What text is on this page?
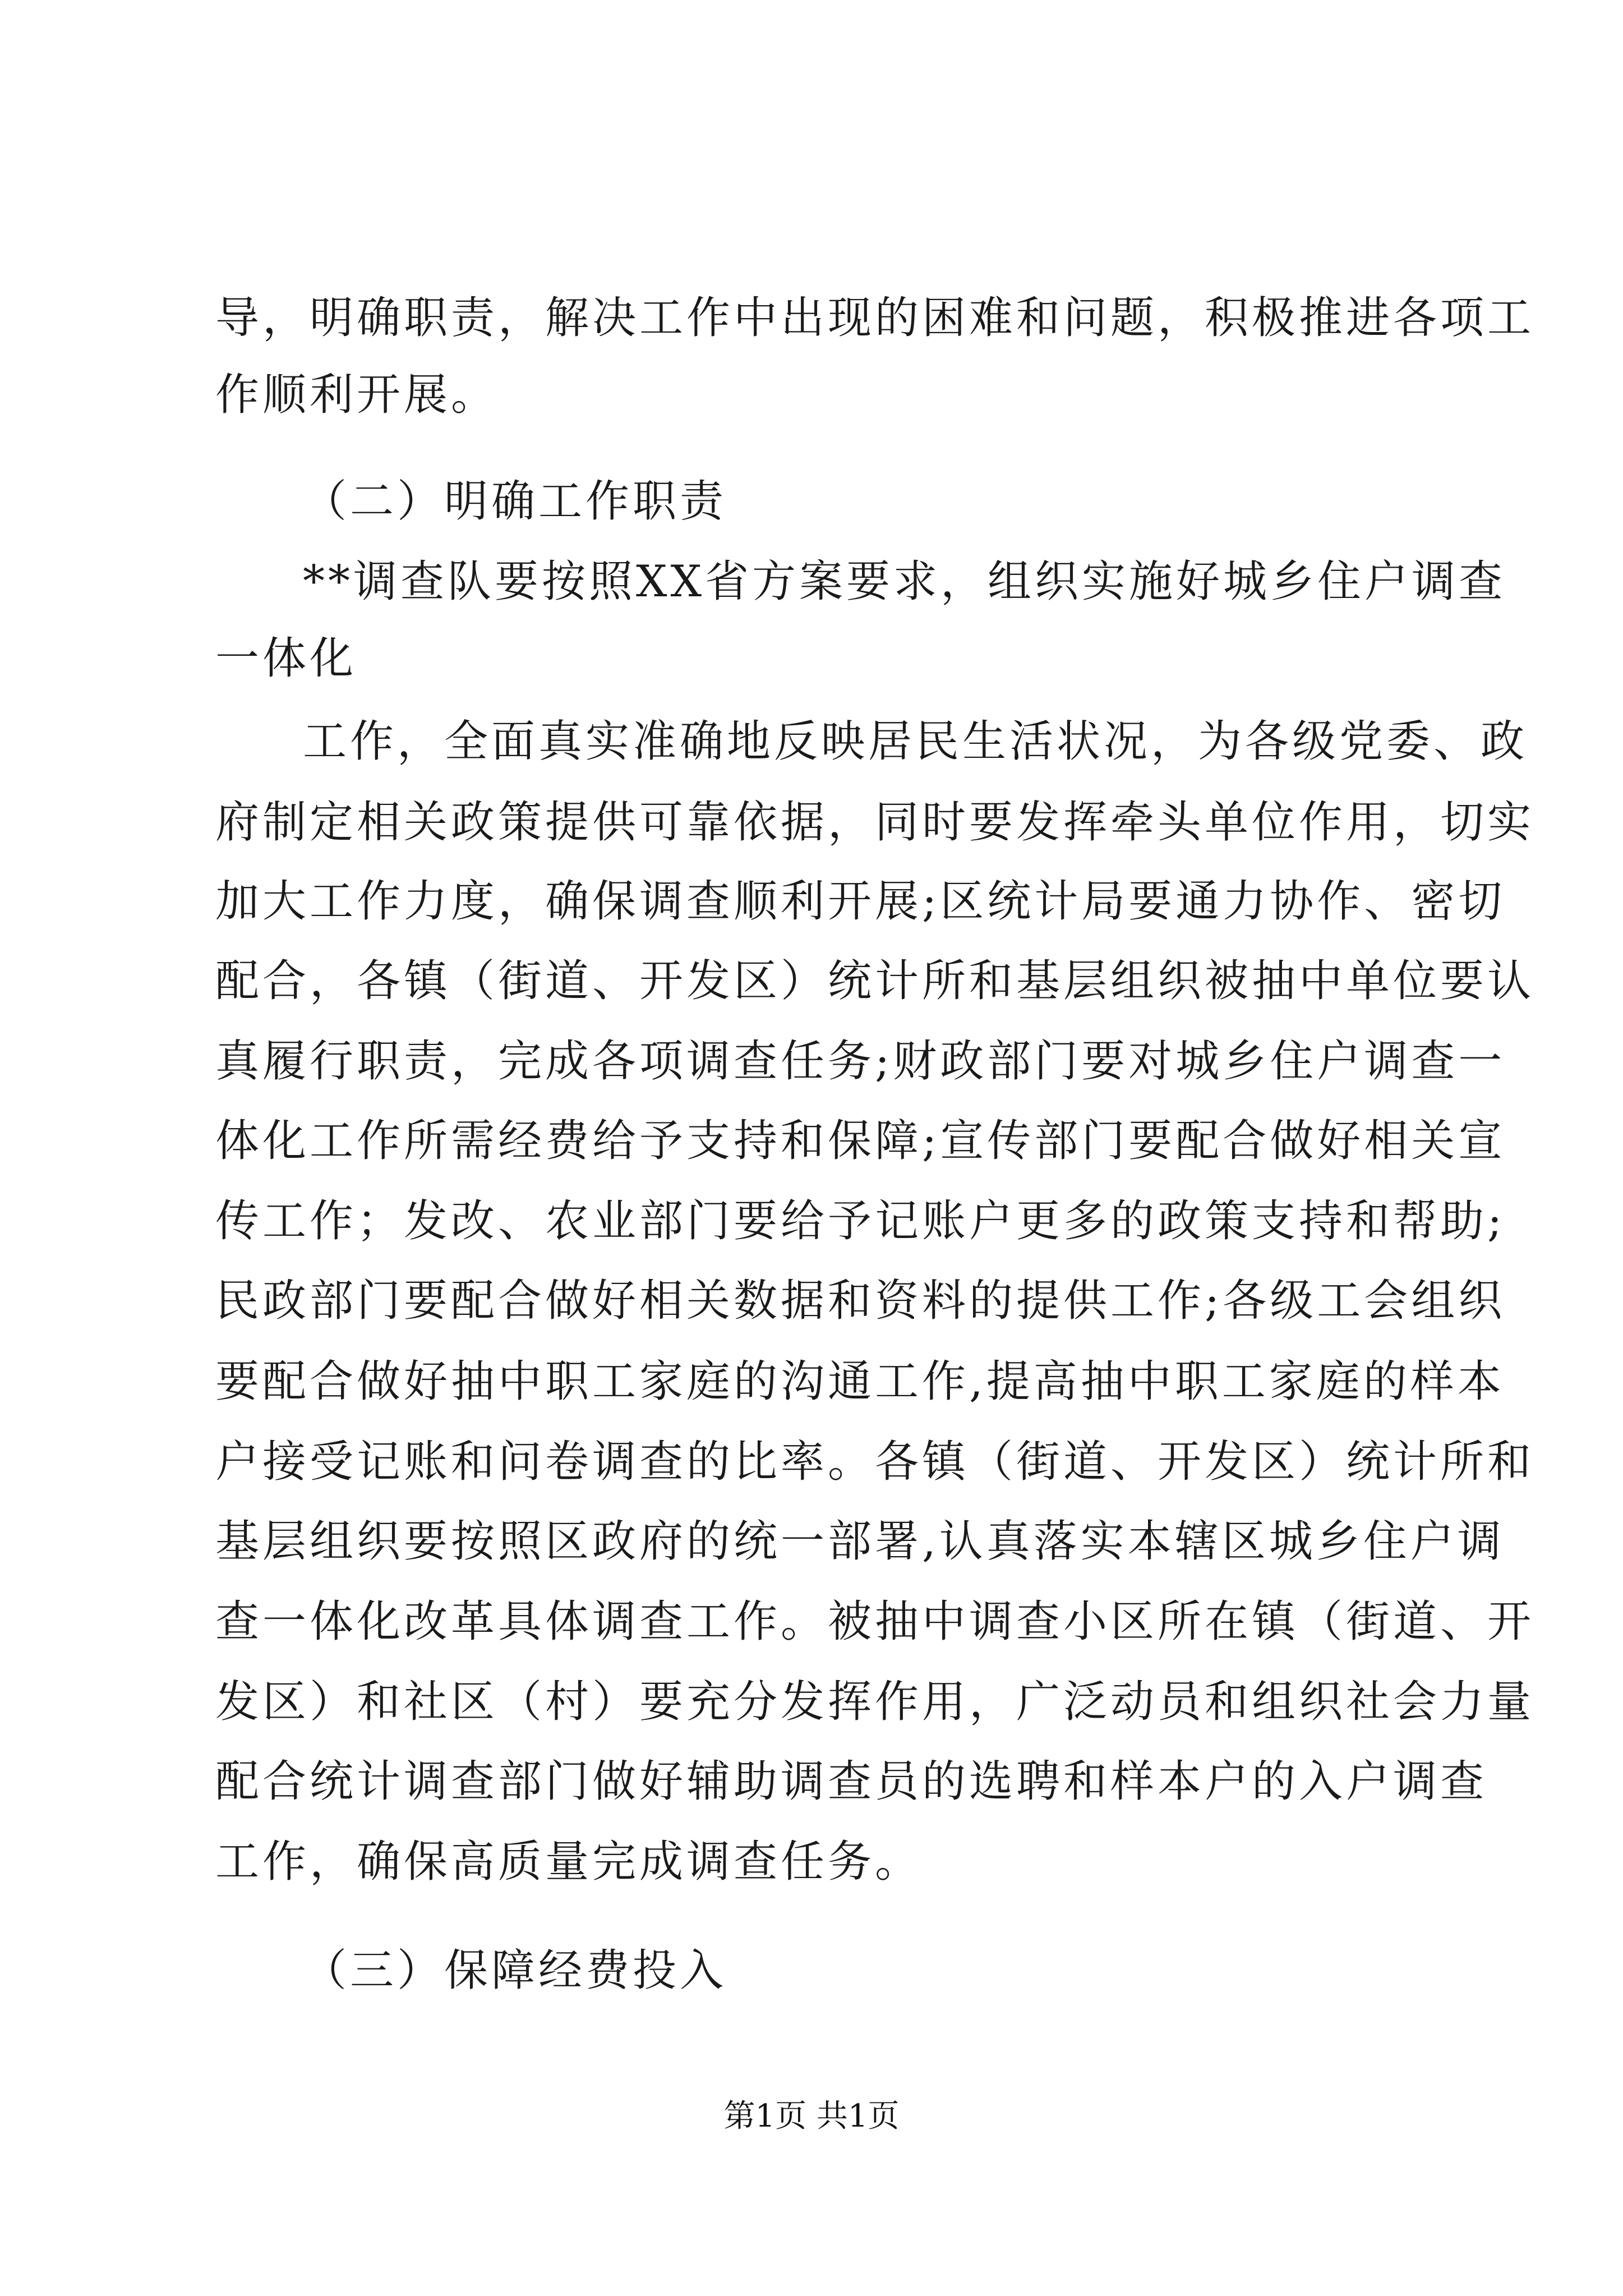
导，明确职责，解决工作中出现的困难和问题，积极推进各项工
作顺利开展。
（二）明确工作职责
**调查队要按照XX省方案要求，组织实施好城乡住户调查
一体化
工作，全面真实准确地反映居民生活状况，为各级党委、政
府制定相关政策提供可靠依据，同时要发挥牵头单位作用，切实
加大工作力度，确保调查顺利开展;区统计局要通力协作、密切
配合，各镇（街道、开发区）统计所和基层组织被抽中单位要认
真履行职责，完成各项调查任务;财政部门要对城乡住户调查一
体化工作所需经费给予支持和保障;宣传部门要配合做好相关宣
传工作；发改、农业部门要给予记账户更多的政策支持和帮助;
民政部门要配合做好相关数据和资料的提供工作;各级工会组织
要配合做好抽中职工家庭的沟通工作,提高抽中职工家庭的样本
户接受记账和问卷调查的比率。各镇（街道、开发区）统计所和
基层组织要按照区政府的统一部署,认真落实本辖区城乡住户调
查一体化改革具体调查工作。被抽中调查小区所在镇（街道、开
发区）和社区（村）要充分发挥作用，广泛动员和组织社会力量
配合统计调查部门做好辅助调查员的选聘和样本户的入户调查
工作，确保高质量完成调查任务。
（三）保障经费投入
第1页 共1页
